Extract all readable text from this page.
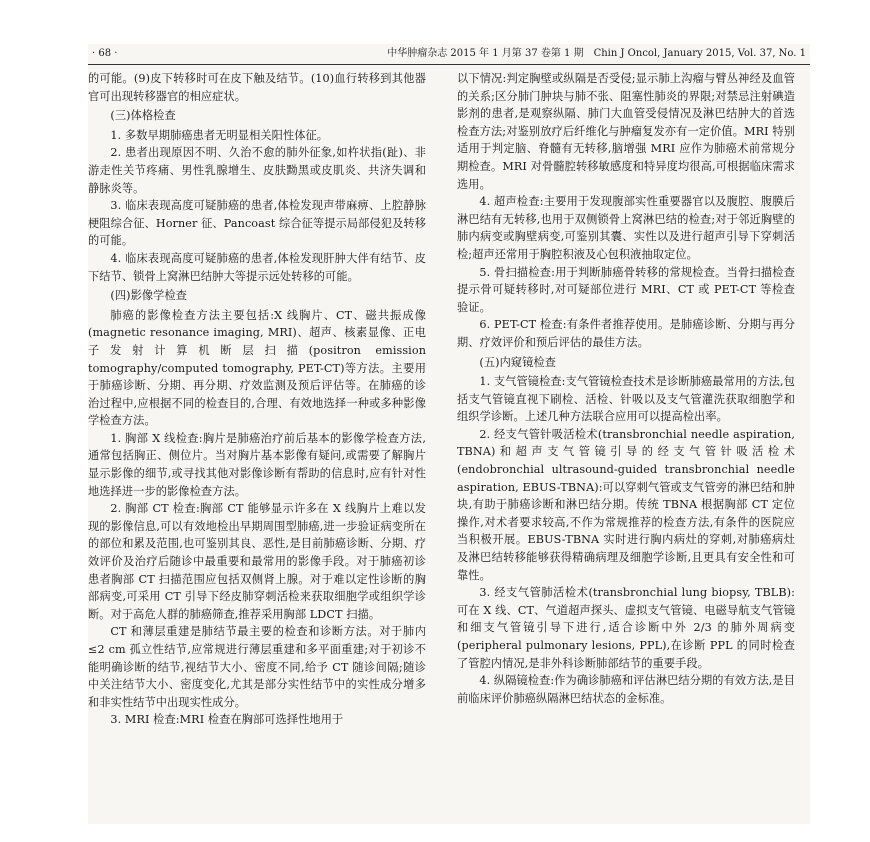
· 68 ·	中华肿瘤杂志 2015 年 1 月第 37 卷第 1 期　Chin J Oncol, January 2015, Vol. 37, No. 1

的可能。(9)皮下转移时可在皮下触及结节。(10)血行转移到其他器官可出现转移器官的相应症状。

(三)体格检查

1. 多数早期肺癌患者无明显相关阳性体征。

2. 患者出现原因不明、久治不愈的肺外征象,如杵状指(趾)、非游走性关节疼痛、男性乳腺增生、皮肤黝黑或皮肌炎、共济失调和静脉炎等。

3. 临床表现高度可疑肺癌的患者,体检发现声带麻痹、上腔静脉梗阻综合征、Horner 征、Pancoast 综合征等提示局部侵犯及转移的可能。

4. 临床表现高度可疑肺癌的患者,体检发现肝肿大伴有结节、皮下结节、锁骨上窝淋巴结肿大等提示远处转移的可能。

(四)影像学检查

肺癌的影像检查方法主要包括:X 线胸片、CT、磁共振成像(magnetic resonance imaging, MRI)、超声、核素显像、正电子发射计算机断层扫描(positron emission tomography/computed tomography, PET-CT)等方法。主要用于肺癌诊断、分期、再分期、疗效监测及预后评估等。在肺癌的诊治过程中,应根据不同的检查目的,合理、有效地选择一种或多种影像学检查方法。

1. 胸部 X 线检查:胸片是肺癌治疗前后基本的影像学检查方法,通常包括胸正、侧位片。当对胸片基本影像有疑问,或需要了解胸片显示影像的细节,或寻找其他对影像诊断有帮助的信息时,应有针对性地选择进一步的影像检查方法。

2. 胸部 CT 检查:胸部 CT 能够显示许多在 X 线胸片上难以发现的影像信息,可以有效地检出早期周围型肺癌,进一步验证病变所在的部位和累及范围,也可鉴别其良、恶性,是目前肺癌诊断、分期、疗效评价及治疗后随诊中最重要和最常用的影像手段。对于肺癌初诊患者胸部 CT 扫描范围应包括双侧肾上腺。对于难以定性诊断的胸部病变,可采用 CT 引导下经皮肺穿刺活检来获取细胞学或组织学诊断。对于高危人群的肺癌筛查,推荐采用胸部 LDCT 扫描。

CT 和薄层重建是肺结节最主要的检查和诊断方法。对于肺内≤2 cm 孤立性结节,应常规进行薄层重建和多平面重建;对于初诊不能明确诊断的结节,视结节大小、密度不同,给予 CT 随诊间隔;随诊中关注结节大小、密度变化,尤其是部分实性结节中的实性成分增多和非实性结节中出现实性成分。

3. MRI 检查:MRI 检查在胸部可选择性地用于

以下情况:判定胸壁或纵隔是否受侵;显示肺上沟瘤与臂丛神经及血管的关系;区分肺门肿块与肺不张、阻塞性肺炎的界限;对禁忌注射碘造影剂的患者,是观察纵隔、肺门大血管受侵情况及淋巴结肿大的首选检查方法;对鉴别放疗后纤维化与肿瘤复发亦有一定价值。MRI 特别适用于判定脑、脊髓有无转移,脑增强 MRI 应作为肺癌术前常规分期检查。MRI 对骨髓腔转移敏感度和特异度均很高,可根据临床需求选用。

4. 超声检查:主要用于发现腹部实性重要器官以及腹腔、腹膜后淋巴结有无转移,也用于双侧锁骨上窝淋巴结的检查;对于邻近胸壁的肺内病变或胸壁病变,可鉴别其囊、实性以及进行超声引导下穿刺活检;超声还常用于胸腔积液及心包积液抽取定位。

5. 骨扫描检查:用于判断肺癌骨转移的常规检查。当骨扫描检查提示骨可疑转移时,对可疑部位进行 MRI、CT 或 PET-CT 等检查验证。

6. PET-CT 检查:有条件者推荐使用。是肺癌诊断、分期与再分期、疗效评价和预后评估的最佳方法。

(五)内窥镜检查

1. 支气管镜检查:支气管镜检查技术是诊断肺癌最常用的方法,包括支气管镜直视下刷检、活检、针吸以及支气管灌洗获取细胞学和组织学诊断。上述几种方法联合应用可以提高检出率。

2. 经支气管针吸活检术(transbronchial needle aspiration, TBNA)和超声支气管镜引导的经支气管针吸活检术(endobronchial ultrasound-guided transbronchial needle aspiration, EBUS-TBNA):可以穿刺气管或支气管旁的淋巴结和肿块,有助于肺癌诊断和淋巴结分期。传统 TBNA 根据胸部 CT 定位操作,对术者要求较高,不作为常规推荐的检查方法,有条件的医院应当积极开展。EBUS-TBNA 实时进行胸内病灶的穿刺,对肺癌病灶及淋巴结转移能够获得精确病理及细胞学诊断,且更具有安全性和可靠性。

3. 经支气管肺活检术(transbronchial lung biopsy, TBLB):可在 X 线、CT、气道超声探头、虚拟支气管镜、电磁导航支气管镜和细支气管镜引导下进行,适合诊断中外 2/3 的肺外周病变(peripheral pulmonary lesions, PPL),在诊断 PPL 的同时检查了管腔内情况,是非外科诊断肺部结节的重要手段。

4. 纵隔镜检查:作为确诊肺癌和评估淋巴结分期的有效方法,是目前临床评价肺癌纵隔淋巴结状态的金标准。
